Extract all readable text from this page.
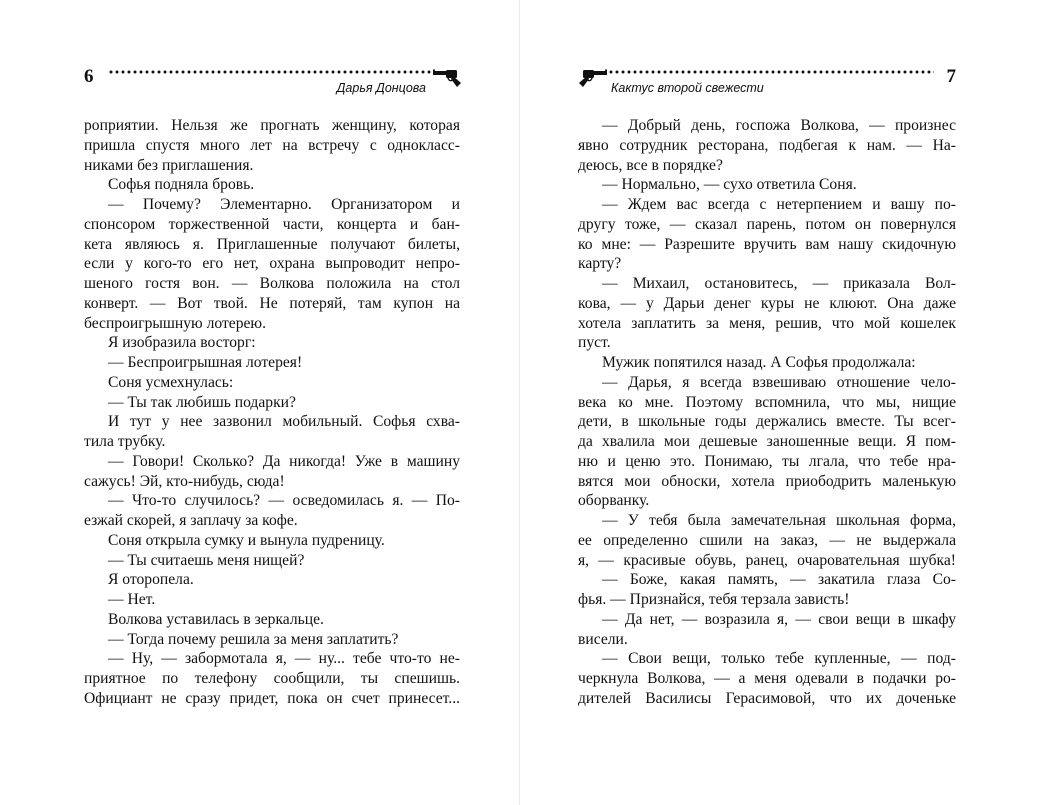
6
Дарья Донцова
роприятии. Нельзя же прогнать женщину, которая
пришла спустя много лет на встречу с однокласс-
никами без приглашения.
Софья подняла бровь.
— Почему? Элементарно. Организатором и
спонсором торжественной части, концерта и бан-
кета являюсь я. Приглашенные получают билеты,
если у кого-то его нет, охрана выпроводит непро-
шеного гостя вон. — Волкова положила на стол
конверт. — Вот твой. Не потеряй, там купон на
беспроигрышную лотерею.
Я изобразила восторг:
— Беспроигрышная лотерея!
Соня усмехнулась:
— Ты так любишь подарки?
И тут у нее зазвонил мобильный. Софья схва-
тила трубку.
— Говори! Сколько? Да никогда! Уже в машину
сажусь! Эй, кто-нибудь, сюда!
— Что-то случилось? — осведомилась я. — По-
езжай скорей, я заплачу за кофе.
Соня открыла сумку и вынула пудреницу.
— Ты считаешь меня нищей?
Я оторопела.
— Нет.
Волкова уставилась в зеркальце.
— Тогда почему решила за меня заплатить?
— Ну, — забормотала я, — ну... тебе что-то не-
приятное по телефону сообщили, ты спешишь.
Официант не сразу придет, пока он счет принесет...
7
Кактус второй свежести
— Добрый день, госпожа Волкова, — произнес
явно сотрудник ресторана, подбегая к нам. — На-
деюсь, все в порядке?
— Нормально, — сухо ответила Соня.
— Ждем вас всегда с нетерпением и вашу по-
другу тоже, — сказал парень, потом он повернулся
ко мне: — Разрешите вручить вам нашу скидочную
карту?
— Михаил, остановитесь, — приказала Вол-
кова, — у Дарьи денег куры не клюют. Она даже
хотела заплатить за меня, решив, что мой кошелек
пуст.
Мужик попятился назад. А Софья продолжала:
— Дарья, я всегда взвешиваю отношение чело-
века ко мне. Поэтому вспомнила, что мы, нищие
дети, в школьные годы держались вместе. Ты всег-
да хвалила мои дешевые заношенные вещи. Я пом-
ню и ценю это. Понимаю, ты лгала, что тебе нра-
вятся мои обноски, хотела приободрить маленькую
оборванку.
— У тебя была замечательная школьная форма,
ее определенно сшили на заказ, — не выдержала
я, — красивые обувь, ранец, очаровательная шубка!
— Боже, какая память, — закатила глаза Со-
фья. — Признайся, тебя терзала зависть!
— Да нет, — возразила я, — свои вещи в шкафу
висели.
— Свои вещи, только тебе купленные, — под-
черкнула Волкова, — а меня одевали в подачки ро-
дителей Василисы Герасимовой, что их доченьке
